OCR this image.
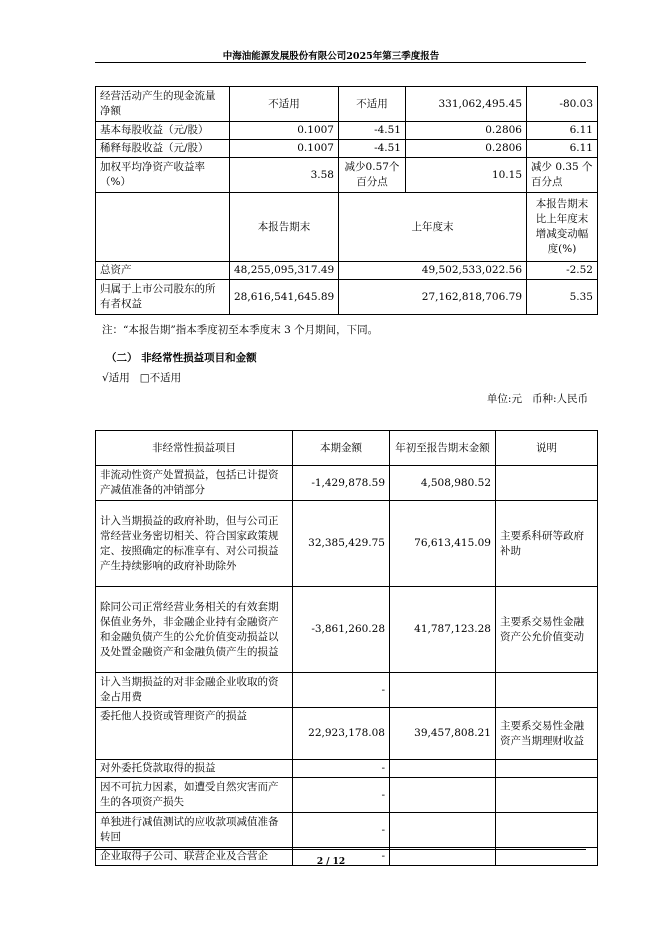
中海油能源发展股份有限公司2025年第三季度报告
经营活动产生的现金流量净额	不适用	不适用	331,062,495.45	-80.03
基本每股收益（元/股）	0.1007	-4.51	0.2806	6.11
稀释每股收益（元/股）	0.1007	-4.51	0.2806	6.11
加权平均净资产收益率（%）	3.58	减少0.57个百分点	10.15	减少 0.35 个百分点
	本报告期末	上年度末		本报告期末比上年度末增减变动幅度(%)
总资产	48,255,095,317.49	49,502,533,022.56		-2.52
归属于上市公司股东的所有者权益	28,616,541,645.89	27,162,818,706.79		5.35
注：“本报告期”指本季度初至本季度末 3 个月期间，下同。
（二） 非经常性损益项目和金额
√适用 □不适用
单位:元 币种:人民币
非经常性损益项目	本期金额	年初至报告期末金额	说明
非流动性资产处置损益，包括已计提资产减值准备的冲销部分	-1,429,878.59	4,508,980.52	
计入当期损益的政府补助，但与公司正常经营业务密切相关、符合国家政策规定、按照确定的标准享有、对公司损益产生持续影响的政府补助除外	32,385,429.75	76,613,415.09	主要系科研等政府补助
除同公司正常经营业务相关的有效套期保值业务外，非金融企业持有金融资产和金融负债产生的公允价值变动损益以及处置金融资产和金融负债产生的损益	-3,861,260.28	41,787,123.28	主要系交易性金融资产公允价值变动
计入当期损益的对非金融企业收取的资金占用费	-		
委托他人投资或管理资产的损益	22,923,178.08	39,457,808.21	主要系交易性金融资产当期理财收益
对外委托贷款取得的损益	-		
因不可抗力因素，如遭受自然灾害而产生的各项资产损失	-		
单独进行减值测试的应收款项减值准备转回	-		
企业取得子公司、联营企业及合营企	-		
2 / 12
